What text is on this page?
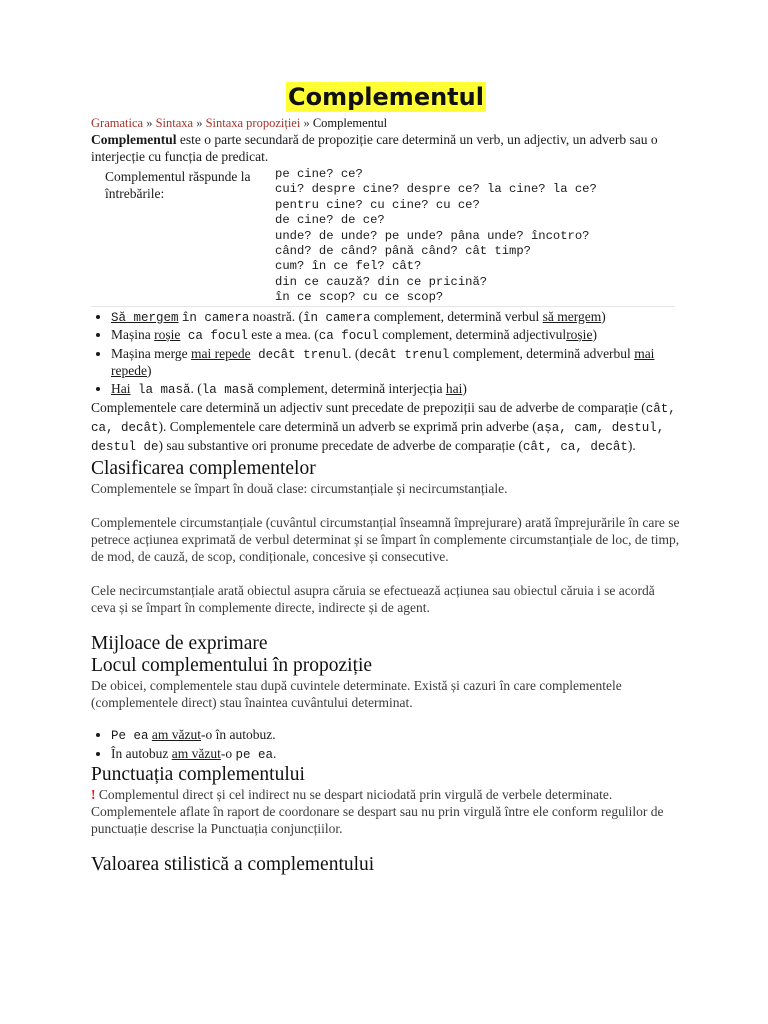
Complementul
Gramatica » Sintaxa » Sintaxa propoziției » Complementul

Complementul este o parte secundară de propoziție care determină un verb, un adjectiv, un adverb sau o interjecție cu funcția de predicat.

Complementul răspunde la întrebările:
pe cine? ce?
cui? despre cine? despre ce? la cine? la ce?
pentru cine? cu cine? cu ce?
de cine? de ce?
unde? de unde? pe unde? pâna unde? încotro?
când? de când? până când? cât timp?
cum? în ce fel? cât?
din ce cauză? din ce pricină?
în ce scop? cu ce scop?
• Să mergem în camera noastră. (în camera complement, determină verbul să mergem)
• Mașina roșie ca focul este a mea. (ca focul complement, determină adjectivulroșie)
• Mașina merge mai repede decât trenul. (decât trenul complement, determină adverbul mai repede)
• Hai la masă. (la masă complement, determină interjecția hai)

Complementele care determină un adjectiv sunt precedate de prepoziții sau de adverbe de comparație (cât, ca, decât). Complementele care determină un adverb se exprimă prin adverbe (așa, cam, destul, destul de) sau substantive ori pronume precedate de adverbe de comparație (cât, ca, decât).

Clasificarea complementelor

Complementele se împart în două clase: circumstanțiale și necircumstanțiale.

Complementele circumstanțiale (cuvântul circumstanțial înseamnă împrejurare) arată împrejurările în care se petrece acțiunea exprimată de verbul determinat și se împart în complemente circumstanțiale de loc, de timp, de mod, de cauză, de scop, condiționale, concesive și consecutive.

Cele necircumstanțiale arată obiectul asupra căruia se efectuează acțiunea sau obiectul căruia i se acordă ceva și se împart în complemente directe, indirecte și de agent.

Mijloace de exprimare
Locul complementului în propoziție

De obicei, complementele stau după cuvintele determinate. Există și cazuri în care complementele (complementele direct) stau înaintea cuvântului determinat.

• Pe ea am văzut-o în autobuz.
• În autobuz am văzut-o pe ea.
Punctuația complementului

! Complementul direct și cel indirect nu se despart niciodată prin virgulă de verbele determinate.

Complementele aflate în raport de coordonare se despart sau nu prin virgulă între ele conform regulilor de punctuație descrise la Punctuația conjuncțiilor.

Valoarea stilistică a complementului
